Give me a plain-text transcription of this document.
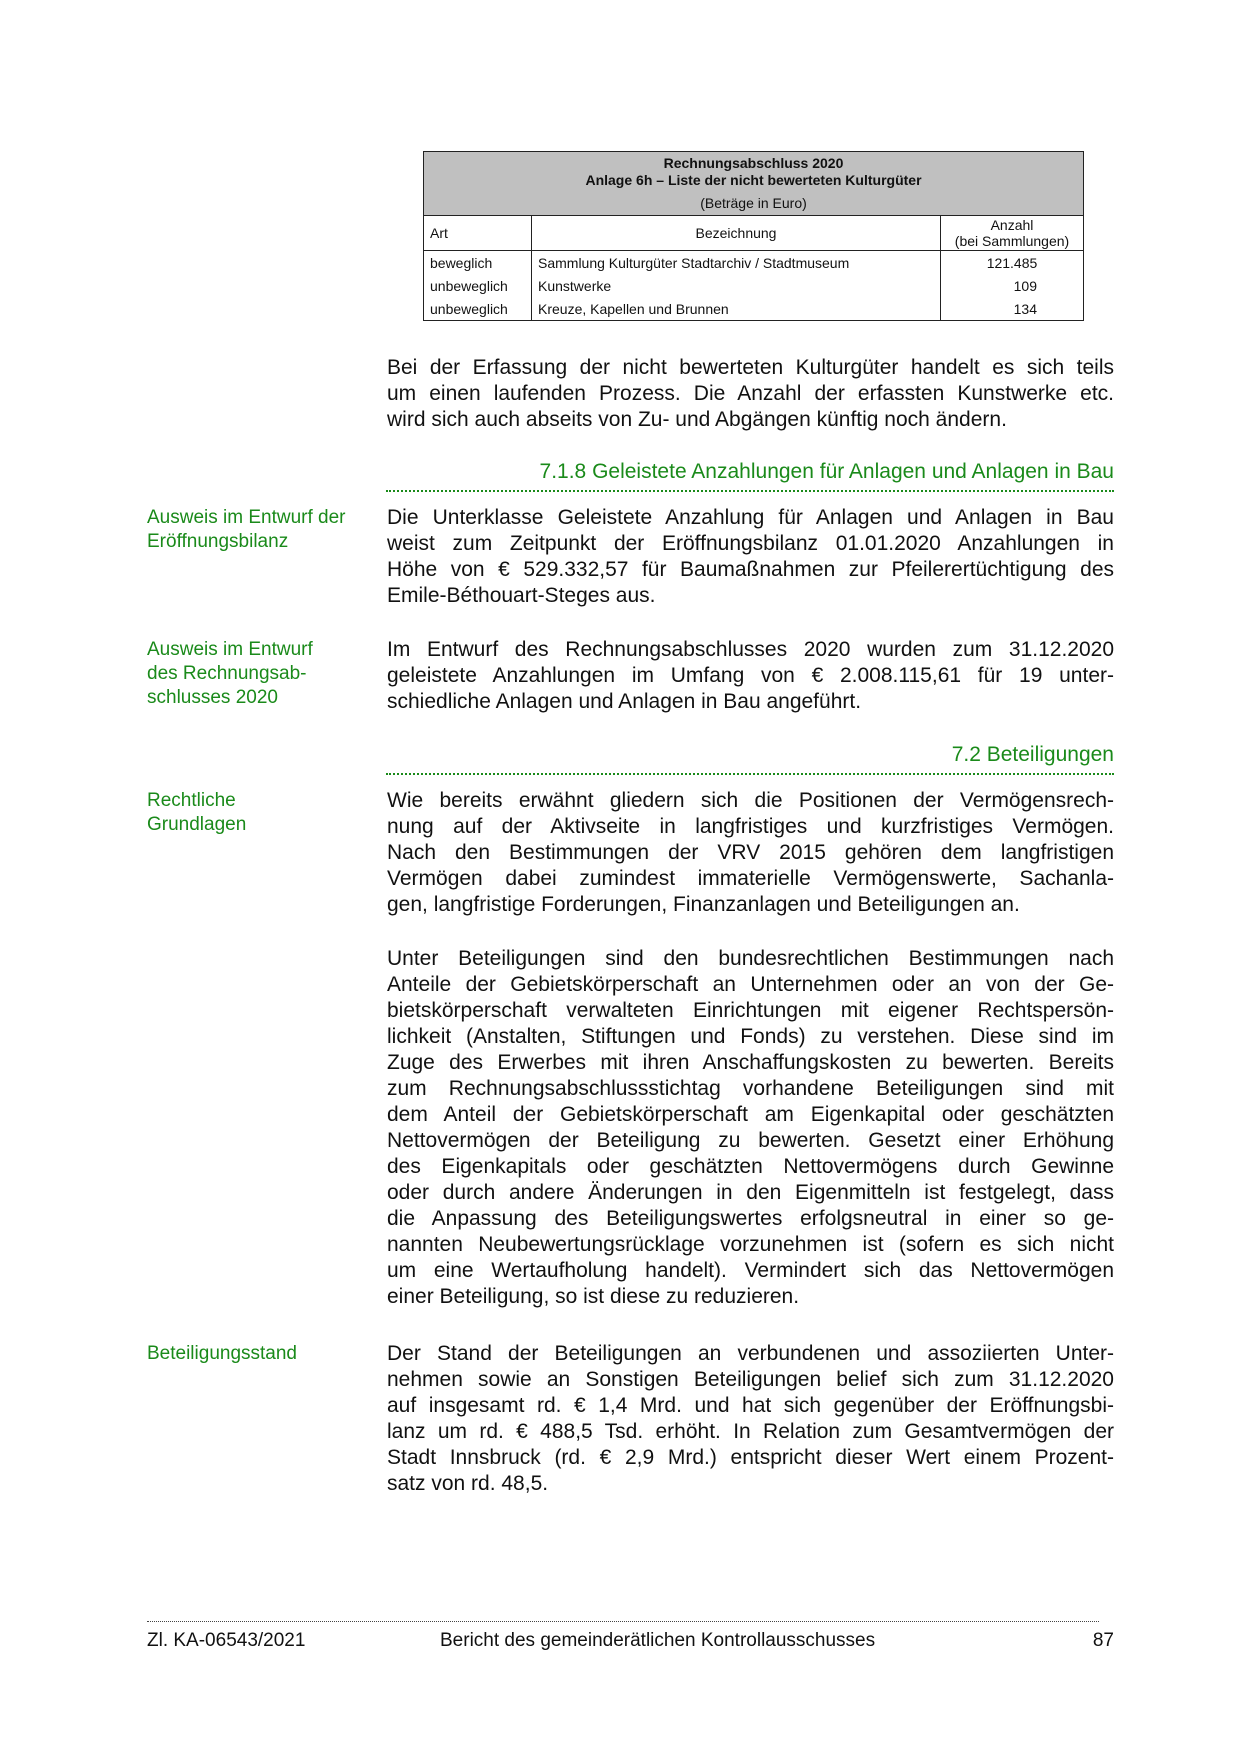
Rechnungsabschluss 2020
Anlage 6h – Liste der nicht bewerteten Kulturgüter
(Beträge in Euro)		

Art	Bezeichnung	Anzahl
(bei Sammlungen)

beweglich	Sammlung Kulturgüter Stadtarchiv / Stadtmuseum	121.485
unbeweglich	Kunstwerke	109
unbeweglich	Kreuze, Kapellen und Brunnen	134
Bei der Erfassung der nicht bewerteten Kulturgüter handelt es sich teils
um einen laufenden Prozess. Die Anzahl der erfassten Kunstwerke etc.
wird sich auch abseits von Zu- und Abgängen künftig noch ändern.
7.1.8 Geleistete Anzahlungen für Anlagen und Anlagen in Bau
Ausweis im Entwurf der
Eröffnungsbilanz
Die Unterklasse Geleistete Anzahlung für Anlagen und Anlagen in Bau
weist zum Zeitpunkt der Eröffnungsbilanz 01.01.2020 Anzahlungen in
Höhe von € 529.332,57 für Baumaßnahmen zur Pfeilerertüchtigung des
Emile-Béthouart-Steges aus.
Ausweis im Entwurf
des Rechnungsab-
schlusses 2020
Im Entwurf des Rechnungsabschlusses 2020 wurden zum 31.12.2020
geleistete Anzahlungen im Umfang von € 2.008.115,61 für 19 unter-
schiedliche Anlagen und Anlagen in Bau angeführt.
7.2 Beteiligungen
Rechtliche
Grundlagen
Wie bereits erwähnt gliedern sich die Positionen der Vermögensrech-
nung auf der Aktivseite in langfristiges und kurzfristiges Vermögen.
Nach den Bestimmungen der VRV 2015 gehören dem langfristigen
Vermögen dabei zumindest immaterielle Vermögenswerte, Sachanla-
gen, langfristige Forderungen, Finanzanlagen und Beteiligungen an.
Unter Beteiligungen sind den bundesrechtlichen Bestimmungen nach
Anteile der Gebietskörperschaft an Unternehmen oder an von der Ge-
bietskörperschaft verwalteten Einrichtungen mit eigener Rechtspersön-
lichkeit (Anstalten, Stiftungen und Fonds) zu verstehen. Diese sind im
Zuge des Erwerbes mit ihren Anschaffungskosten zu bewerten. Bereits
zum Rechnungsabschlussstichtag vorhandene Beteiligungen sind mit
dem Anteil der Gebietskörperschaft am Eigenkapital oder geschätzten
Nettovermögen der Beteiligung zu bewerten. Gesetzt einer Erhöhung
des Eigenkapitals oder geschätzten Nettovermögens durch Gewinne
oder durch andere Änderungen in den Eigenmitteln ist festgelegt, dass
die Anpassung des Beteiligungswertes erfolgsneutral in einer so ge-
nannten Neubewertungsrücklage vorzunehmen ist (sofern es sich nicht
um eine Wertaufholung handelt). Vermindert sich das Nettovermögen
einer Beteiligung, so ist diese zu reduzieren.
Beteiligungsstand	Der Stand der Beteiligungen an verbundenen und assoziierten Unter-
nehmen sowie an Sonstigen Beteiligungen belief sich zum 31.12.2020
auf insgesamt rd. € 1,4 Mrd. und hat sich gegenüber der Eröffnungsbi-
lanz um rd. € 488,5 Tsd. erhöht. In Relation zum Gesamtvermögen der
Stadt Innsbruck (rd. € 2,9 Mrd.) entspricht dieser Wert einem Prozent-
satz von rd. 48,5.
Zl. KA-06543/2021	Bericht des gemeinderätlichen Kontrollausschusses	87
